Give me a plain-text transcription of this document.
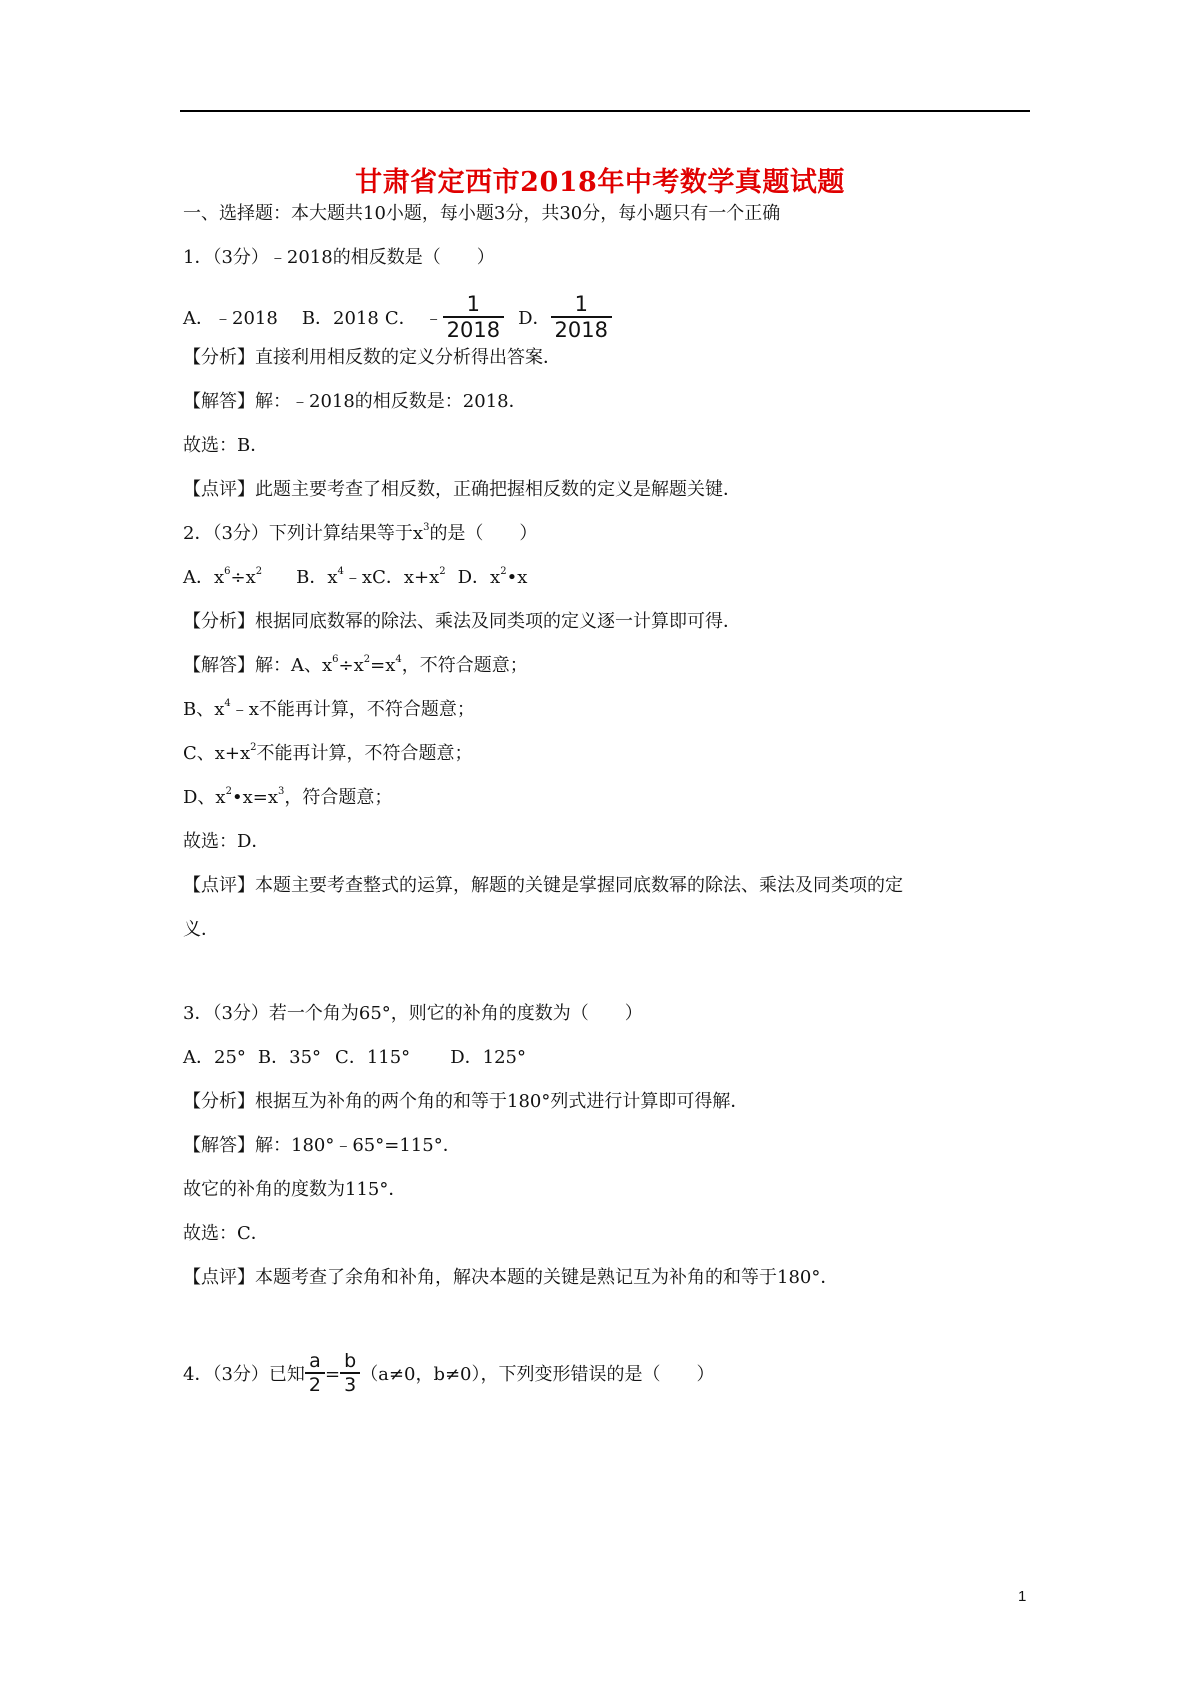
甘肃省定西市2018年中考数学真题试题
一、选择题：本大题共10小题，每小题3分，共30分，每小题只有一个正确
1．（3分）﹣2018的相反数是（　　）
A．﹣2018 B．2018 C． ﹣ $\frac{1}{2018}$ D． $\frac{1}{2018}$
【分析】直接利用相反数的定义分析得出答案．
【解答】解：﹣2018的相反数是：2018．
故选：B．
【点评】此题主要考查了相反数，正确把握相反数的定义是解题关键．
2．（3分）下列计算结果等于$x^3$的是（　　）
A．$x^6\div x^2$ B．$x^4﹣xC$．$x+x^2$ D．$x^2•x$
【分析】根据同底数幂的除法、乘法及同类项的定义逐一计算即可得．
【解答】解：A、$x^6\div x^2=x^4$，不符合题意；
B、$x^4﹣x$不能再计算，不符合题意；
C、$x+x^2$不能再计算，不符合题意；
D、$x^2•x=x^3$，符合题意；
故选：D．
【点评】本题主要考查整式的运算，解题的关键是掌握同底数幂的除法、乘法及同类项的定
义．
3．（3分）若一个角为65°，则它的补角的度数为（　　）
A．25° B．35° C．115° D．125°
【分析】根据互为补角的两个角的和等于180°列式进行计算即可得解．
【解答】解：180°﹣65°=115°．
故它的补角的度数为115°．
故选：C．
【点评】本题考查了余角和补角，解决本题的关键是熟记互为补角的和等于180°．
4．（3分）已知 $\frac{a}{2} = \frac{b}{3} (a\ne 0$，b≠0），下列变形错误的是（　　）
1
